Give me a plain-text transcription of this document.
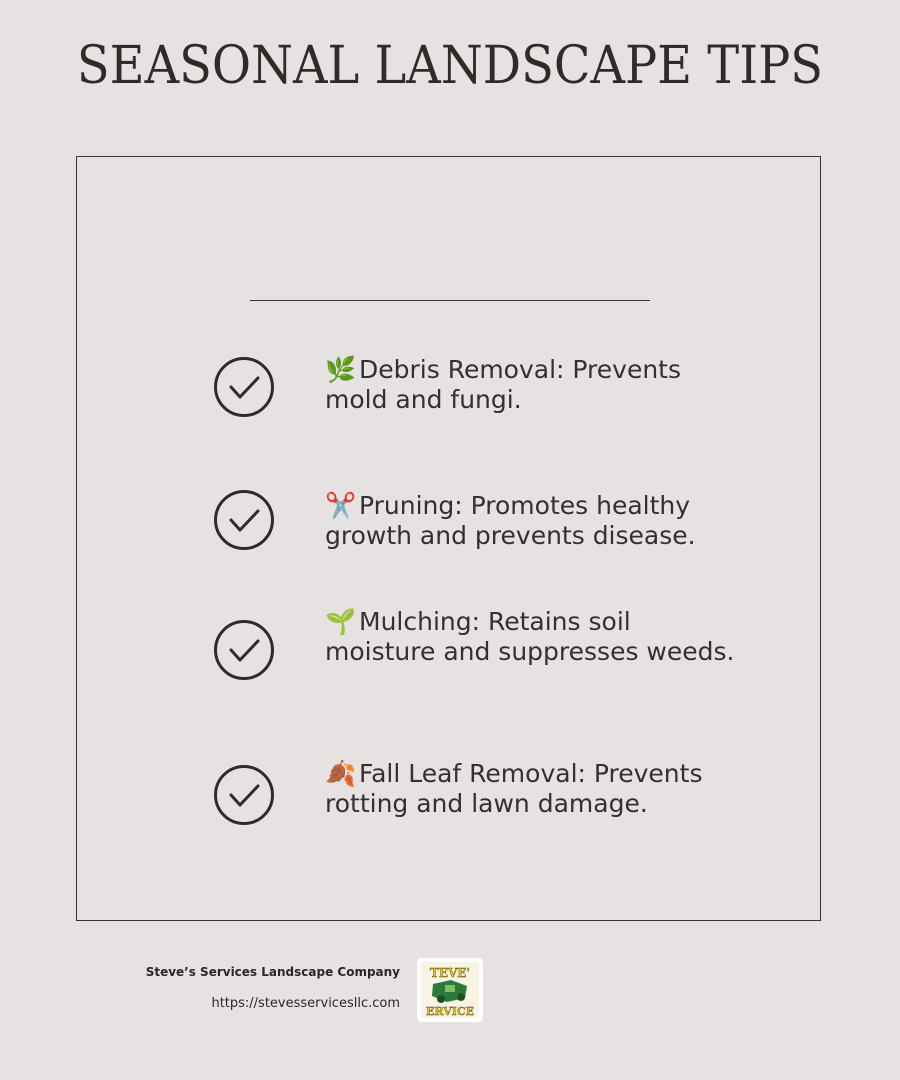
SEASONAL LANDSCAPE TIPS
🌿 Debris Removal: Prevents mold and fungi.
✂️ Pruning: Promotes healthy growth and prevents disease.
🌱 Mulching: Retains soil moisture and suppresses weeds.
🍂 Fall Leaf Removal: Prevents rotting and lawn damage.
Steve’s Services Landscape Company
https://stevesservicesllc.com
TEVE'
ERVICE
